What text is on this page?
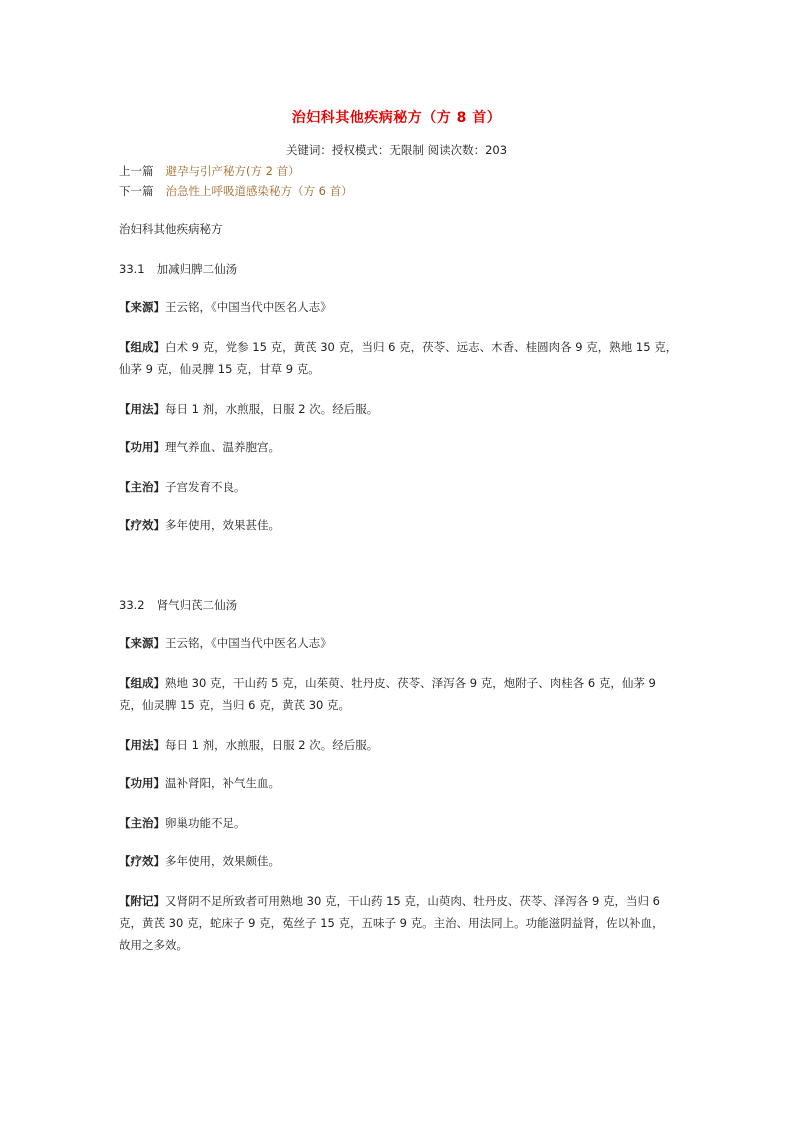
治妇科其他疾病秘方（方 8 首）
关键词：授权模式：无限制 阅读次数：203
上一篇 避孕与引产秘方(方 2 首）
下一篇 治急性上呼吸道感染秘方（方 6 首）
治妇科其他疾病秘方
33.1 加减归脾二仙汤
【来源】王云铭，《中国当代中医名人志》
【组成】白术 9 克，党参 15 克，黄芪 30 克，当归 6 克，茯苓、远志、木香、桂圆肉各 9 克，熟地 15 克，
仙茅 9 克，仙灵脾 15 克，甘草 9 克。
【用法】每日 1 剂，水煎服，日服 2 次。经后服。
【功用】理气养血、温养胞宫。
【主治】子宫发育不良。
【疗效】多年使用，效果甚佳。
33.2 肾气归芪二仙汤
【来源】王云铭，《中国当代中医名人志》
【组成】熟地 30 克，干山药 5 克，山茱萸、牡丹皮、茯苓、泽泻各 9 克，炮附子、肉桂各 6 克，仙茅 9
克，仙灵脾 15 克，当归 6 克，黄芪 30 克。
【用法】每日 1 剂，水煎服，日服 2 次。经后服。
【功用】温补肾阳，补气生血。
【主治】卵巢功能不足。
【疗效】多年使用，效果颇佳。
【附记】又肾阴不足所致者可用熟地 30 克，干山药 15 克，山萸肉、牡丹皮、茯苓、泽泻各 9 克，当归 6
克，黄芪 30 克，蛇床子 9 克，菟丝子 15 克，五味子 9 克。主治、用法同上。功能滋阴益肾，佐以补血，
故用之多效。
